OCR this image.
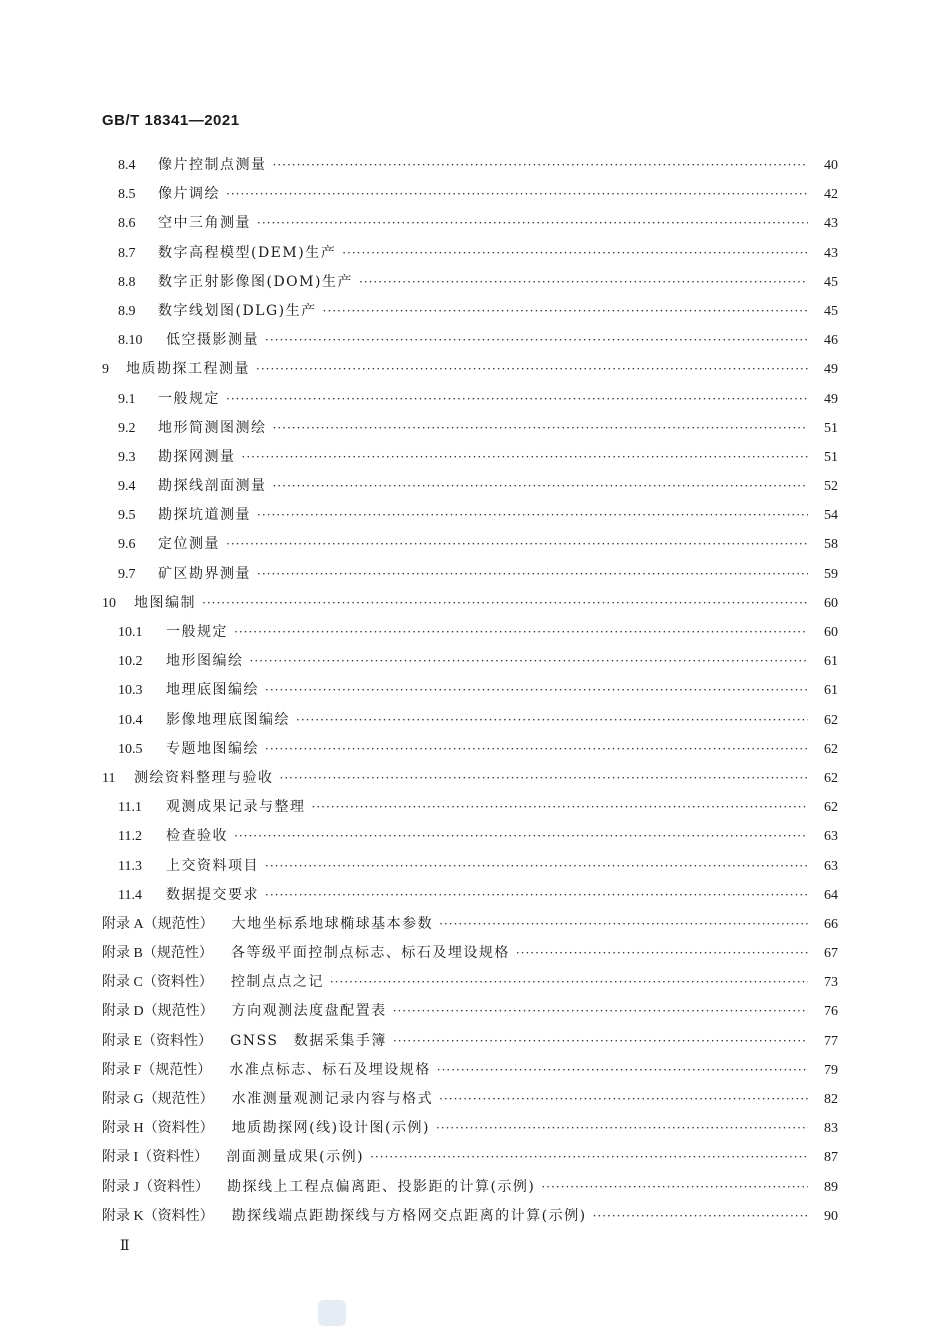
GB/T 18341—2021
8.4	像片控制点测量 ·····	40
8.5	像片调绘 ·····	42
8.6	空中三角测量 ·····	43
8.7	数字高程模型(DEM)生产 ·····	43
8.8	数字正射影像图(DOM)生产 ·····	45
8.9	数字线划图(DLG)生产 ·····	45
8.10	低空摄影测量 ·····	46
9	地质勘探工程测量 ·····	49
9.1	一般规定 ·····	49
9.2	地形简测图测绘 ·····	51
9.3	勘探网测量 ·····	51
9.4	勘探线剖面测量 ·····	52
9.5	勘探坑道测量 ·····	54
9.6	定位测量 ·····	58
9.7	矿区勘界测量 ·····	59
10	地图编制 ·····	60
10.1	一般规定 ·····	60
10.2	地形图编绘 ·····	61
10.3	地理底图编绘 ·····	61
10.4	影像地理底图编绘 ·····	62
10.5	专题地图编绘 ·····	62
11	测绘资料整理与验收 ·····	62
11.1	观测成果记录与整理 ·····	62
11.2	检查验收 ·····	63
11.3	上交资料项目 ·····	63
11.4	数据提交要求 ·····	64
附录 A（规范性） 大地坐标系地球椭球基本参数 ·····	66
附录 B（规范性） 各等级平面控制点标志、标石及埋设规格 ·····	67
附录 C（资料性） 控制点点之记 ·····	73
附录 D（规范性） 方向观测法度盘配置表 ·····	76
附录 E（资料性） GNSS　数据采集手簿 ·····	77
附录 F（规范性） 水准点标志、标石及埋设规格 ·····	79
附录 G（规范性） 水准测量观测记录内容与格式 ·····	82
附录 H（资料性） 地质勘探网(线)设计图(示例) ·····	83
附录 I（资料性） 剖面测量成果(示例) ·····	87
附录 J（资料性） 勘探线上工程点偏离距、投影距的计算(示例) ·····	89
附录 K（资料性） 勘探线端点距勘探线与方格网交点距离的计算(示例) ·····	90
Ⅱ
